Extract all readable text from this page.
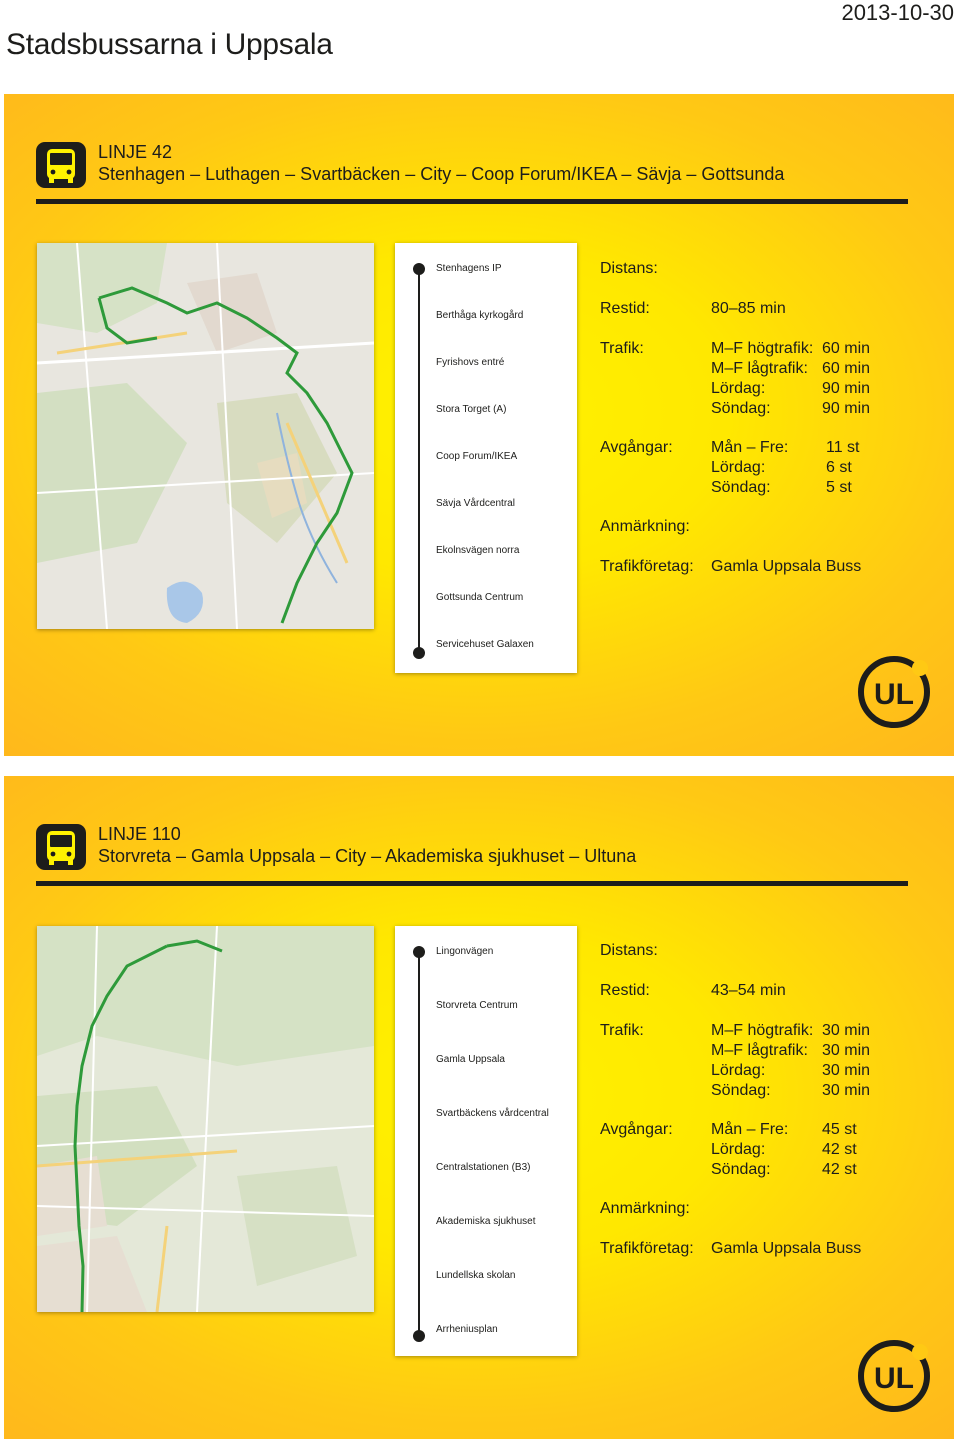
Stadsbussarna i Uppsala
2013-10-30
LINJE 42
Stenhagen – Luthagen – Svartbäcken – City – Coop Forum/IKEA – Sävja – Gottsunda
Stenhagens IP
Berthåga kyrkogård
Fyrishovs entré
Stora Torget (A)
Coop Forum/IKEA
Sävja Vårdcentral
Ekolnsvägen norra
Gottsunda Centrum
Servicehuset Galaxen
Distans:
Restid:	80–85 min
Trafik:	M–F högtrafik: 60 min
M–F lågtrafik: 60 min
Lördag:	90 min
Söndag:	90 min
Avgångar: Mån – Fre: 11 st
Lördag:	6 st
Söndag:	5 st
Anmärkning:
Trafikföretag: Gamla Uppsala Buss
UL
LINJE 110
Storvreta – Gamla Uppsala – City – Akademiska sjukhuset – Ultuna
Lingonvägen
Storvreta Centrum
Gamla Uppsala
Svartbäckens vårdcentral
Centralstationen (B3)
Akademiska sjukhuset
Lundellska skolan
Arrheniusplan
Distans:
Restid:	43–54 min
Trafik:	M–F högtrafik: 30 min
M–F lågtrafik: 30 min
Lördag:	30 min
Söndag:	30 min
Avgångar: Mån – Fre: 45 st
Lördag:	42 st
Söndag:	42 st
Anmärkning:
Trafikföretag: Gamla Uppsala Buss
UL
